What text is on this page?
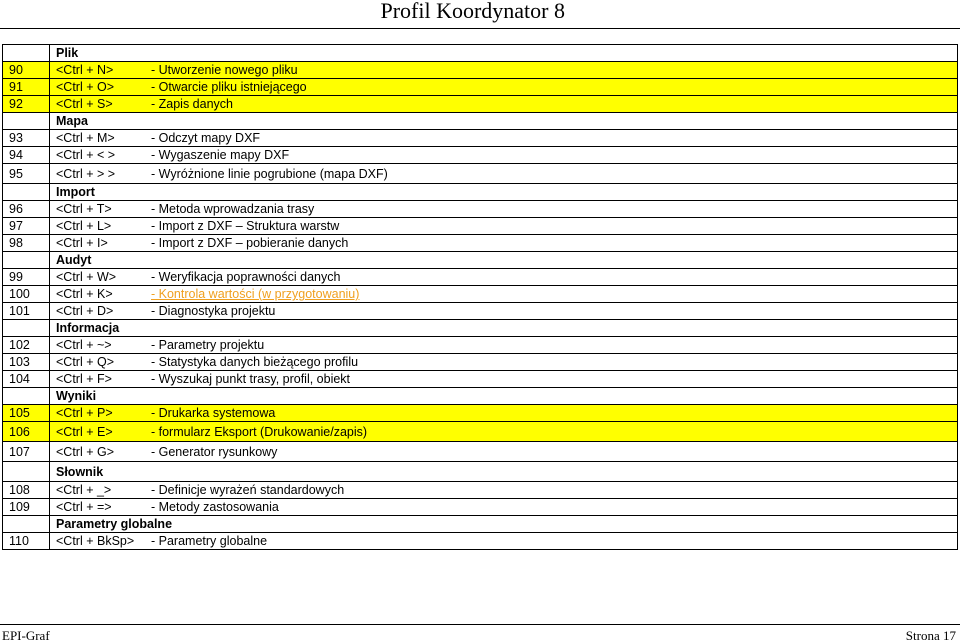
Profil Koordynator 8
	Plik	
90	<Ctrl + N>	- Utworzenie nowego pliku
91	<Ctrl + O>	- Otwarcie pliku istniejącego
92	<Ctrl + S>	- Zapis danych
	Mapa	
93	<Ctrl + M>	- Odczyt mapy DXF
94	<Ctrl + < >	- Wygaszenie mapy DXF
95	<Ctrl + > >	- Wyróżnione linie pogrubione (mapa DXF)
	Import	
96	<Ctrl + T>	- Metoda wprowadzania trasy
97	<Ctrl + L>	- Import z DXF – Struktura warstw
98	<Ctrl + I>	- Import z DXF – pobieranie danych
	Audyt	
99	<Ctrl + W>	- Weryfikacja poprawności danych
100	<Ctrl + K>	- Kontrola wartości (w przygotowaniu)
101	<Ctrl + D>	- Diagnostyka projektu
	Informacja	
102	<Ctrl + ~>	- Parametry projektu
103	<Ctrl + Q>	- Statystyka danych bieżącego profilu
104	<Ctrl + F>	- Wyszukaj punkt trasy, profil, obiekt
	Wyniki	
105	<Ctrl + P>	- Drukarka systemowa
106	<Ctrl + E>	- formularz Eksport (Drukowanie/zapis)
107	<Ctrl + G>	- Generator rysunkowy
	Słownik	
108	<Ctrl + _>	- Definicje wyrażeń standardowych
109	<Ctrl + =>	- Metody zastosowania
	Parametry globalne	
110	<Ctrl + BkSp>	- Parametry globalne
EPI-Graf	Strona 17
